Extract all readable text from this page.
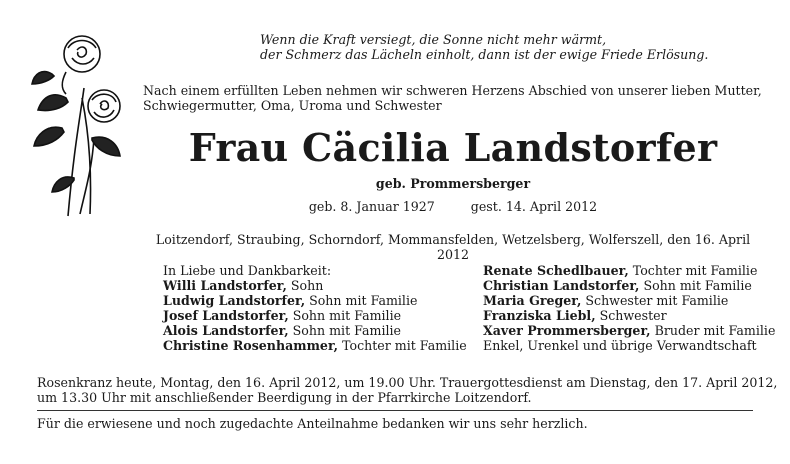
Wenn die Kraft versiegt, die Sonne nicht mehr wärmt,
der Schmerz das Lächeln einholt, dann ist der ewige Friede Erlösung.
Nach einem erfüllten Leben nehmen wir schweren Herzens Abschied von unserer lieben Mutter,
Schwiegermutter, Oma, Uroma und Schwester
Frau Cäcilia Landstorfer
geb. Prommersberger
geb. 8. Januar 1927	gest. 14. April 2012
Loitzendorf, Straubing, Schorndorf, Mommansfelden, Wetzelsberg, Wolferszell, den 16. April 2012
In Liebe und Dankbarkeit:
Willi Landstorfer, Sohn
Ludwig Landstorfer, Sohn mit Familie
Josef Landstorfer, Sohn mit Familie
Alois Landstorfer, Sohn mit Familie
Christine Rosenhammer, Tochter mit Familie
Renate Schedlbauer, Tochter mit Familie
Christian Landstorfer, Sohn mit Familie
Maria Greger, Schwester mit Familie
Franziska Liebl, Schwester
Xaver Prommersberger, Bruder mit Familie
Enkel, Urenkel und übrige Verwandtschaft
Rosenkranz heute, Montag, den 16. April 2012, um 19.00 Uhr. Trauergottesdienst am Dienstag, den 17. April 2012,
um 13.30 Uhr mit anschließender Beerdigung in der Pfarrkirche Loitzendorf.
Für die erwiesene und noch zugedachte Anteilnahme bedanken wir uns sehr herzlich.
